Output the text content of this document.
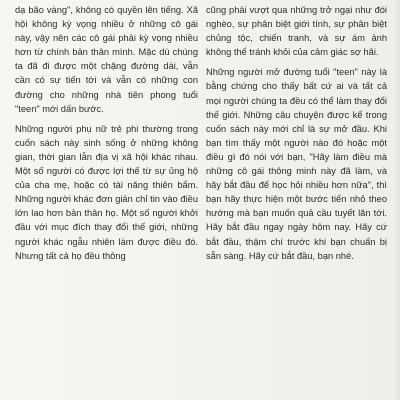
dạ bão vàng", không có quyền lên tiếng. Xã hội không kỳ vọng nhiều ở những cô gái này, vậy nên các cô gái phải kỳ vọng nhiều hơn từ chính bản thân mình. Mặc dù chúng ta đã đi được một chặng đường dài, vẫn cần có sự tiến tới và vẫn có những con đường cho những nhà tiên phong tuổi "teen" mới dấn bước.

Những người phụ nữ trẻ phi thường trong cuốn sách này sinh sống ở những không gian, thời gian lẫn địa vị xã hội khác nhau. Một số người có được lợi thế từ sự ủng hộ của cha mẹ, hoặc có tài năng thiên bẩm. Những người khác đơn giản chỉ tin vào điều lớn lao hơn bản thân họ. Một số người khởi đầu với mục đích thay đổi thế giới, những người khác ngẫu nhiên làm được điều đó. Nhưng tất cả họ đều thông

cũng phải vượt qua những trở ngại như đói nghèo, sự phân biệt giới tính, sự phân biệt chủng tộc, chiến tranh, và sự ám ảnh không thể tránh khỏi của cảm giác sợ hãi.

Những người mở đường tuổi "teen" này là bằng chứng cho thấy bất cứ ai và tất cả mọi người chúng ta đều có thể làm thay đổi thế giới. Những câu chuyện được kể trong cuốn sách này mới chỉ là sự mở đầu. Khi bạn tìm thấy một người nào đó hoặc một điều gì đó nói với bạn, "Hãy làm điều mà những cô gái thông minh này đã làm, và hãy bắt đầu để học hỏi nhiều hơn nữa", thì bạn hãy thực hiện một bước tiến nhỏ theo hướng mà bạn muốn quả cầu tuyết lăn tới. Hãy bắt đầu ngay ngày hôm nay. Hãy cứ bắt đầu, thậm chí trước khi bạn chuẩn bị sẵn sàng. Hãy cứ bắt đầu, bạn nhé.
